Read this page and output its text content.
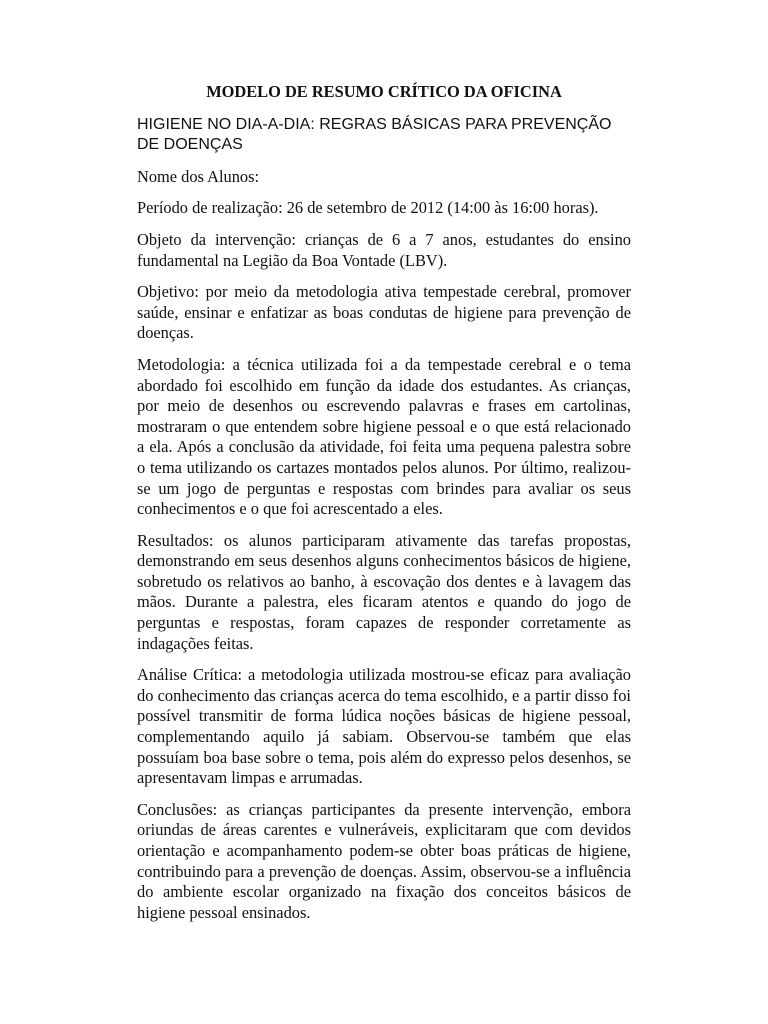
MODELO DE RESUMO CRÍTICO DA OFICINA
HIGIENE NO DIA-A-DIA: REGRAS BÁSICAS PARA PREVENÇÃO DE DOENÇAS
Nome dos Alunos:
Período de realização: 26 de setembro de 2012 (14:00 às 16:00 horas).
Objeto da intervenção: crianças de 6 a 7 anos, estudantes do ensino fundamental na Legião da Boa Vontade (LBV).
Objetivo: por meio da metodologia ativa tempestade cerebral, promover saúde, ensinar e enfatizar as boas condutas de higiene para prevenção de doenças.
Metodologia: a técnica utilizada foi a da tempestade cerebral e o tema abordado foi escolhido em função da idade dos estudantes. As crianças, por meio de desenhos ou escrevendo palavras e frases em cartolinas, mostraram o que entendem sobre higiene pessoal e o que está relacionado a ela. Após a conclusão da atividade, foi feita uma pequena palestra sobre o tema utilizando os cartazes montados pelos alunos. Por último, realizou-se um jogo de perguntas e respostas com brindes para avaliar os seus conhecimentos e o que foi acrescentado a eles.
Resultados: os alunos participaram ativamente das tarefas propostas, demonstrando em seus desenhos alguns conhecimentos básicos de higiene, sobretudo os relativos ao banho, à escovação dos dentes e à lavagem das mãos. Durante a palestra, eles ficaram atentos e quando do jogo de perguntas e respostas, foram capazes de responder corretamente as indagações feitas.
Análise Crítica: a metodologia utilizada mostrou-se eficaz para avaliação do conhecimento das crianças acerca do tema escolhido, e a partir disso foi possível transmitir de forma lúdica noções básicas de higiene pessoal, complementando aquilo já sabiam. Observou-se também que elas possuíam boa base sobre o tema, pois além do expresso pelos desenhos, se apresentavam limpas e arrumadas.
Conclusões: as crianças participantes da presente intervenção, embora oriundas de áreas carentes e vulneráveis, explicitaram que com devidos orientação e acompanhamento podem-se obter boas práticas de higiene, contribuindo para a prevenção de doenças. Assim, observou-se a influência do ambiente escolar organizado na fixação dos conceitos básicos de higiene pessoal ensinados.
